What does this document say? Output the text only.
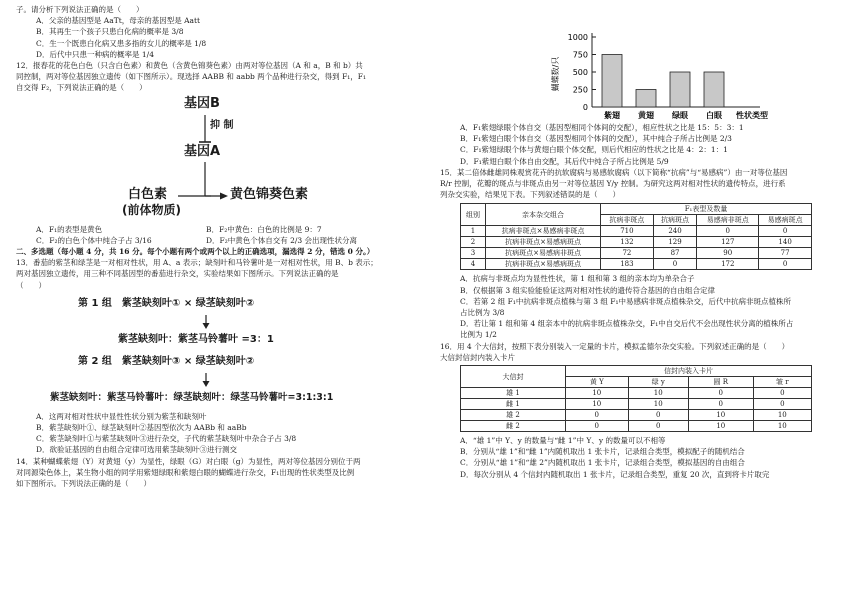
子。请分析下列说法正确的是（　　）

A．父亲的基因型是 AaTt，母亲的基因型是 Aatt

B．其再生一个孩子只患白化病的概率是 3/8

C．生一个既患白化病又患多指的女儿的概率是 1/8

D．后代中只患一种病的概率是 1/4

12．报春花的花色白色（只含白色素）和黄色（含黄色锦葵色素）由两对等位基因（A 和 a，B 和 b）共

同控制，两对等位基因独立遗传（如下图所示）。现选择 AABB 和 aabb 两个品种进行杂交，得到 F₁，F₁

自交得 F₂，下列说法正确的是（　　）

基因B
抑 制
基因A
白色素	黄色锦葵色素
(前体物质)
A．F₁的表型是黄色	B．F₂中黄色：白色的比例是 9：7
C．F₂的白色个体中纯合子占 3/16	D．F₂中黄色个体自交有 2/3 会出现性状分离

二、多选题（每小题 4 分，共 16 分。每个小题有两个或两个以上的正确选项，漏选得 2 分，错选 0 分。）

13．番茄的紫茎和绿茎是一对相对性状，用 A、a 表示；缺刻叶和马铃薯叶是一对相对性状，用 B、b 表示；

两对基因独立遗传，用三种不同基因型的番茄进行杂交，实验结果如下图所示。下列说法正确的是

（　　）

第 1 组　紫茎缺刻叶① × 绿茎缺刻叶②
紫茎缺刻叶：紫茎马铃薯叶 =3：1
第 2 组　紫茎缺刻叶③ × 绿茎缺刻叶②
紫茎缺刻叶：紫茎马铃薯叶：绿茎缺刻叶：绿茎马铃薯叶=3:1:3:1

A．这两对相对性状中显性性状分别为紫茎和缺刻叶

B．紫茎缺刻叶①、绿茎缺刻叶②基因型依次为 AABb 和 aaBb

C．紫茎缺刻叶①与紫茎缺刻叶③进行杂交，子代的紫茎缺刻叶中杂合子占 3/8

D．欲验证基因的自由组合定律可选用紫茎缺刻叶③进行测交

14．某种蝴蝶紫翅（Y）对黄翅（y）为显性，绿眼（G）对白眼（g）为显性，两对等位基因分别位于两

对同源染色体上，某生物小组的同学用紫翅绿眼和紫翅白眼的蝴蝶进行杂交，F₁出现的性状类型及比例

如下图所示。下列说法正确的是（　　）

蝴蝶数/只
0
250
500
750
1000
紫翅 黄翅 绿眼 白眼 性状类型

A．F₁紫翅绿眼个体自交（基因型相同个体间的交配），相应性状之比是 15：5：3：1

B．F₁紫翅白眼个体自交（基因型相同个体间的交配），其中纯合子所占比例是 2/3

C．F₁紫翅绿眼个体与黄翅白眼个体交配，则后代相应的性状之比是 4：2：1：1

D．F₁紫翅白眼个体自由交配，其后代中纯合子所占比例是 5/9

15．某二倍体雌雄同株观赏花卉的抗软腐病与易感软腐病（以下简称“抗病”与“易感病”）由一对等位基因

R/r 控制，花瓣的斑点与非斑点由另一对等位基因 Y/y 控制。为研究这两对相对性状的遗传特点，进行系

列杂交实验，结果见下表。下列叙述错误的是（　　）

组别	亲本杂交组合	F₁表型及数量			
		抗病非斑点	抗病斑点	易感病非斑点	易感病斑点
1	抗病非斑点×易感病非斑点	710	240	0	0
2	抗病非斑点×易感病斑点	132	129	127	140
3	抗病斑点×易感病非斑点	72	87	90	77
4	抗病非斑点×易感病斑点	183	0	172	0

A．抗病与非斑点均为显性性状，第 1 组和第 3 组的亲本均为单杂合子

B．仅根据第 3 组实验能验证这两对相对性状的遗传符合基因的自由组合定律

C．若第 2 组 F₁中抗病非斑点植株与第 3 组 F₁中易感病非斑点植株杂交，后代中抗病非斑点植株所

占比例为 3/8

D．若让第 1 组和第 4 组亲本中的抗病非斑点植株杂交，F₁中自交后代不会出现性状分离的植株所占

比例为 1/2

16．用 4 个大信封，按照下表分别装入一定量的卡片，模拟孟德尔杂交实验。下列叙述正确的是（　　）

大信封信封内装入卡片

大信封	信封内装入卡片			
	黄 Y	绿 y	圆 R	皱 r
雄 1	10	10	0	0
雌 1	10	10	0	0
雄 2	0	0	10	10
雌 2	0	0	10	10

A．“雄 1”中 Y、y 的数量与“雌 1”中 Y、y 的数量可以不相等

B．分别从“雄 1”和“雌 1”内随机取出 1 张卡片，记录组合类型，模拟配子的随机结合

C．分别从“雄 1”和“雄 2”内随机取出 1 张卡片，记录组合类型，模拟基因的自由组合

D．每次分别从 4 个信封内随机取出 1 张卡片，记录组合类型，重复 20 次，直到将卡片取完
